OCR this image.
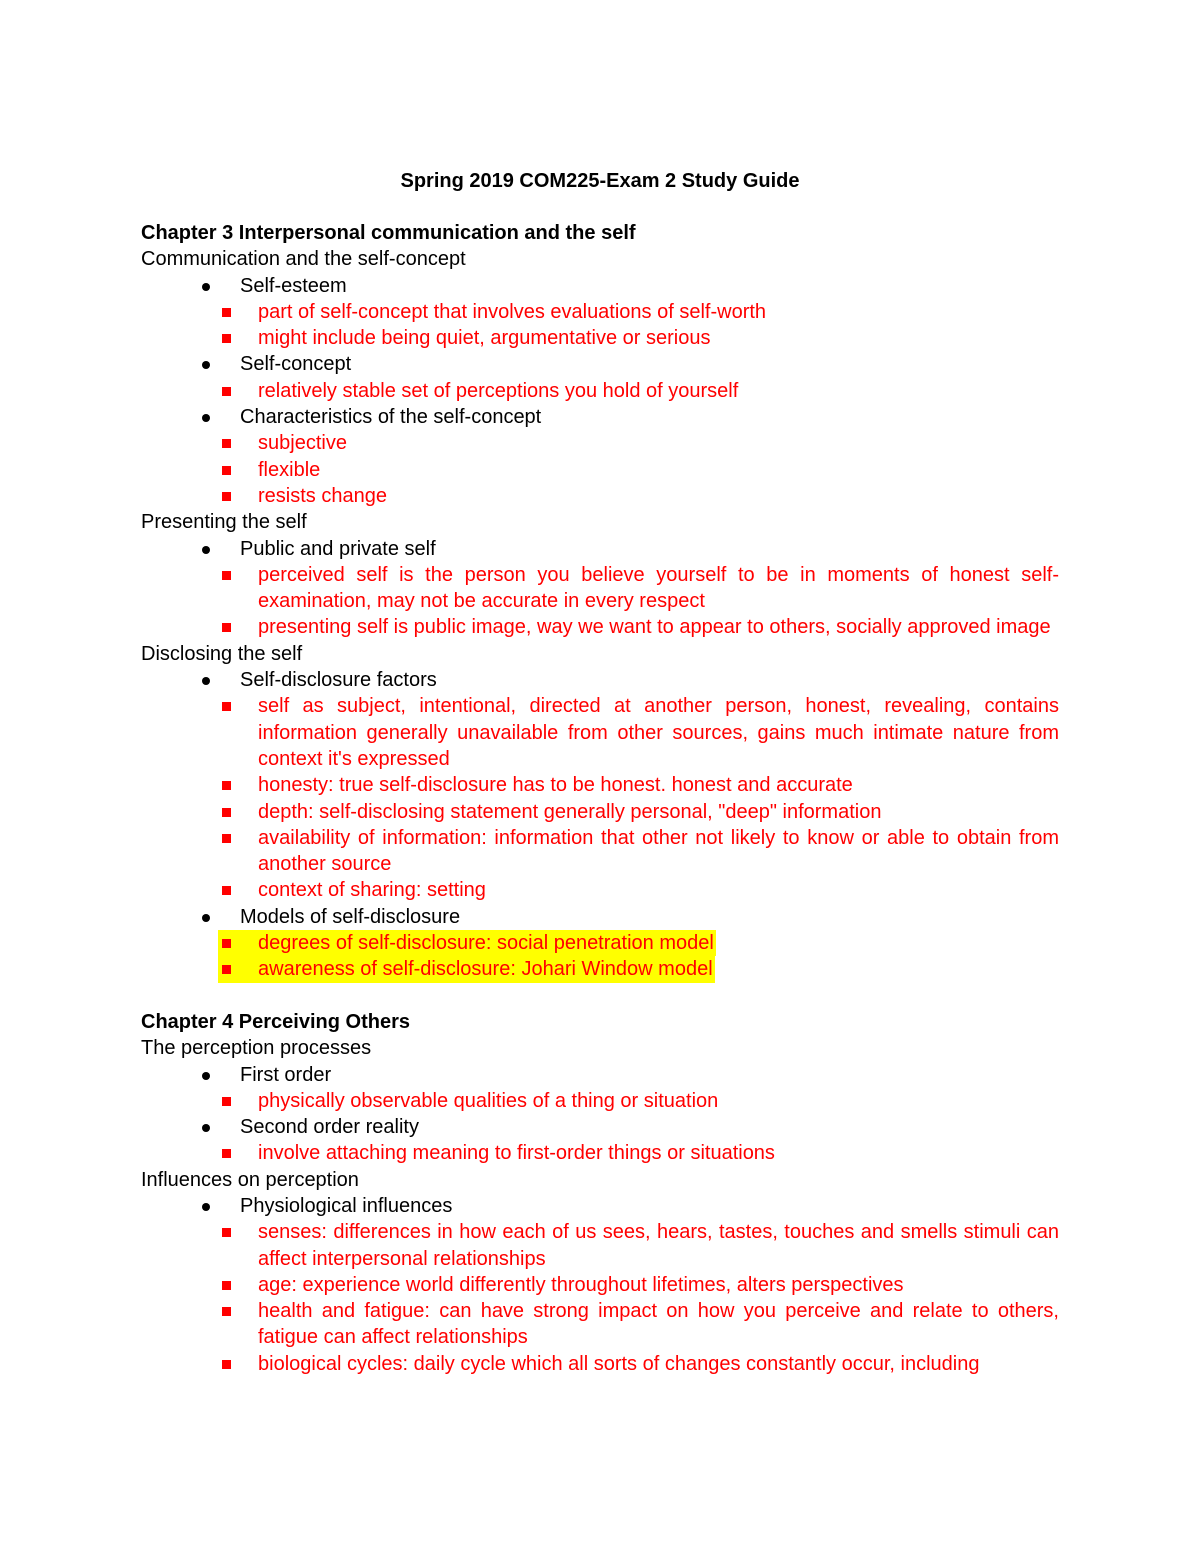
Spring 2019 COM225-Exam 2 Study Guide
Chapter 3 Interpersonal communication and the self
Communication and the self-concept
Self-esteem
part of self-concept that involves evaluations of self-worth
might include being quiet, argumentative or serious
Self-concept
relatively stable set of perceptions you hold of yourself
Characteristics of the self-concept
subjective
flexible
resists change
Presenting the self
Public and private self
perceived self is the person you believe yourself to be in moments of honest self-examination, may not be accurate in every respect
presenting self is public image, way we want to appear to others, socially approved image
Disclosing the self
Self-disclosure factors
self as subject, intentional, directed at another person, honest, revealing, contains information generally unavailable from other sources, gains much intimate nature from context it's expressed
honesty: true self-disclosure has to be honest. honest and accurate
depth: self-disclosing statement generally personal, "deep" information
availability of information: information that other not likely to know or able to obtain from another source
context of sharing: setting
Models of self-disclosure
degrees of self-disclosure: social penetration model
awareness of self-disclosure: Johari Window model
Chapter 4 Perceiving Others
The perception processes
First order
physically observable qualities of a thing or situation
Second order reality
involve attaching meaning to first-order things or situations
Influences on perception
Physiological influences
senses: differences in how each of us sees, hears, tastes, touches and smells stimuli can affect interpersonal relationships
age: experience world differently throughout lifetimes, alters perspectives
health and fatigue: can have strong impact on how you perceive and relate to others, fatigue can affect relationships
biological cycles: daily cycle which all sorts of changes constantly occur, including
